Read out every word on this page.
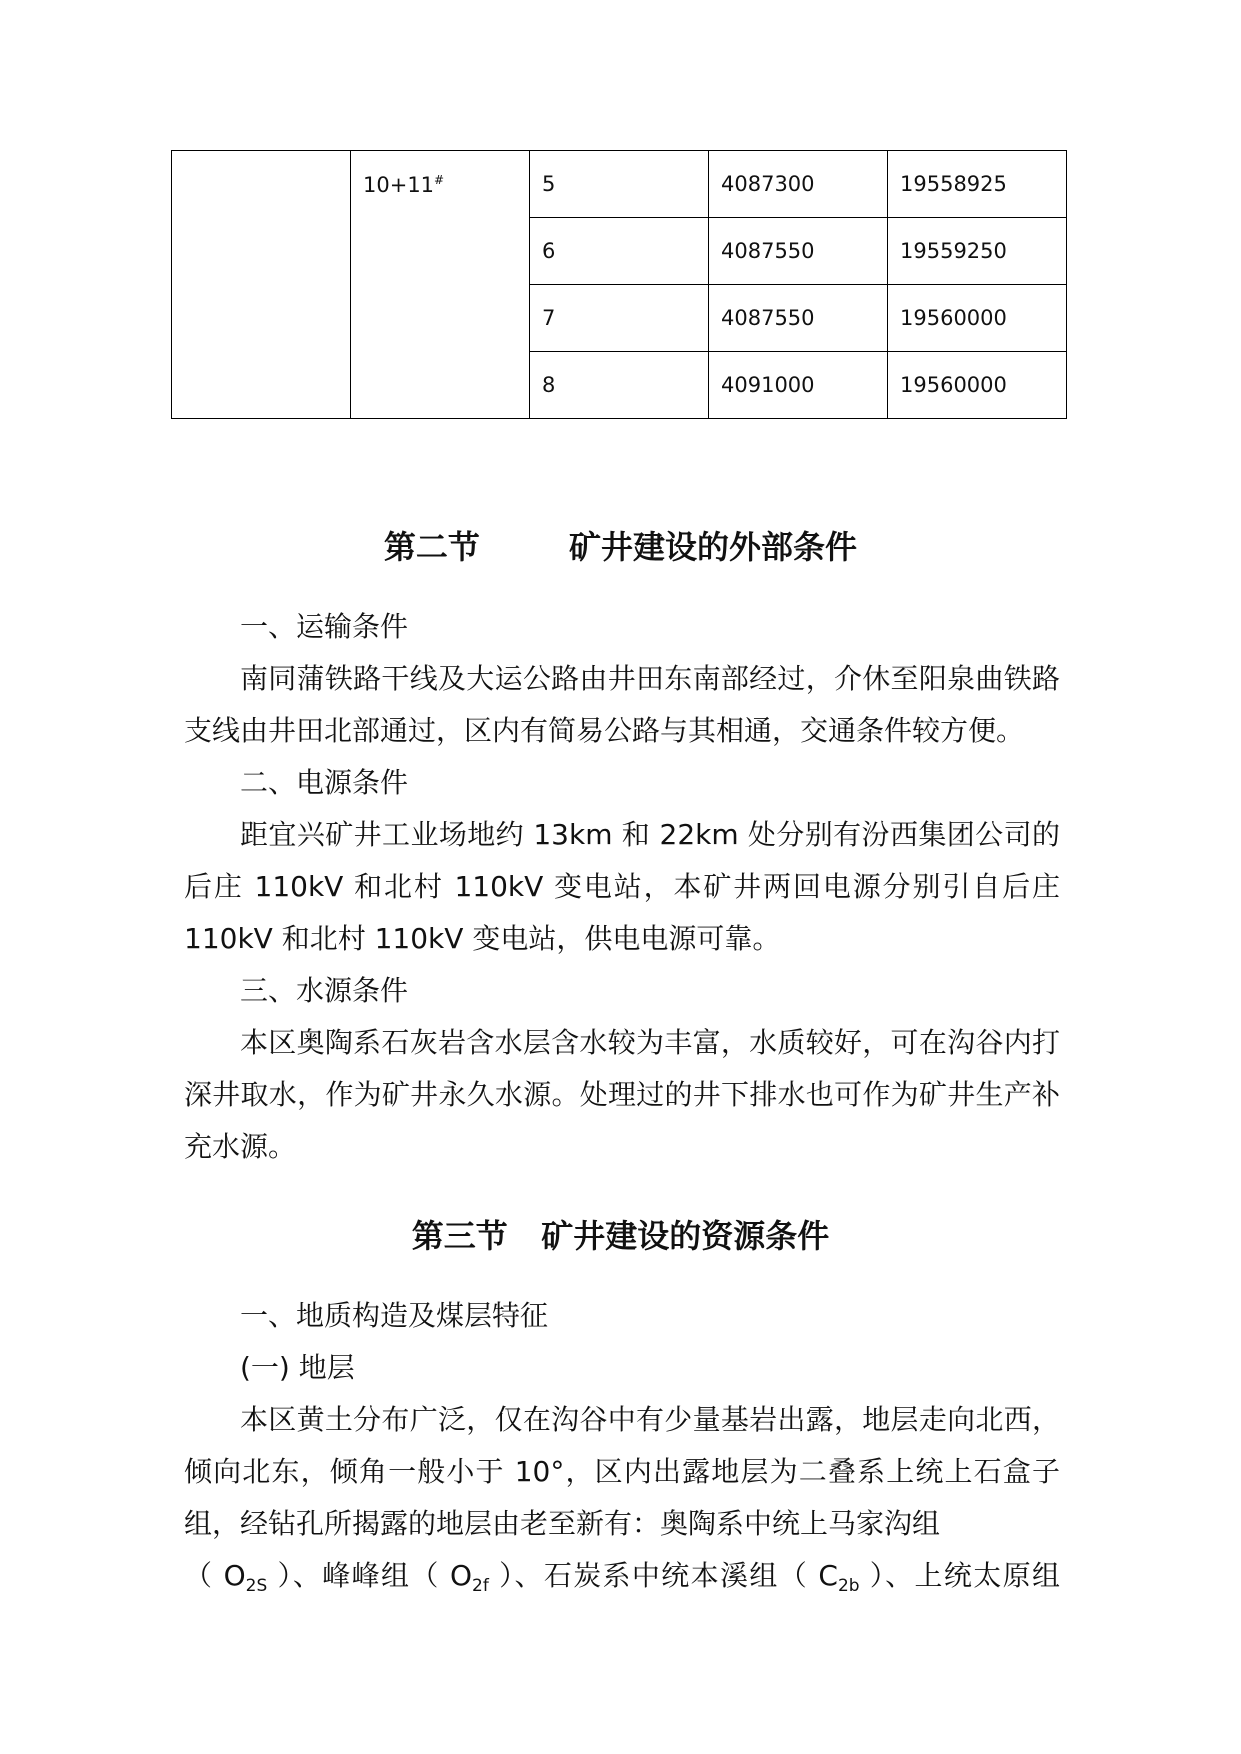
	10+11#	5	4087300	19558925
		6	4087550	19559250
		7	4087550	19560000
		8	4091000	19560000
第二节        矿井建设的外部条件
一、运输条件
南同蒲铁路干线及大运公路由井田东南部经过，介休至阳泉曲铁路支线由井田北部通过，区内有简易公路与其相通，交通条件较方便。
二、电源条件
距宜兴矿井工业场地约 13km 和 22km 处分别有汾西集团公司的后庄 110kV 和北村 110kV 变电站，本矿井两回电源分别引自后庄 110kV 和北村 110kV 变电站，供电电源可靠。
三、水源条件
本区奥陶系石灰岩含水层含水较为丰富，水质较好，可在沟谷内打深井取水，作为矿井永久水源。处理过的井下排水也可作为矿井生产补充水源。
第三节   矿井建设的资源条件
一、地质构造及煤层特征
(一) 地层
本区黄土分布广泛，仅在沟谷中有少量基岩出露，地层走向北西，倾向北东，倾角一般小于 10°，区内出露地层为二叠系上统上石盒子组，经钻孔所揭露的地层由老至新有：奥陶系中统上马家沟组
（ $O_{2S}$ ）、峰峰组（ $O_{2f}$ ）、石炭系中统本溪组（ $C_{2b}$ ）、上统太原组
